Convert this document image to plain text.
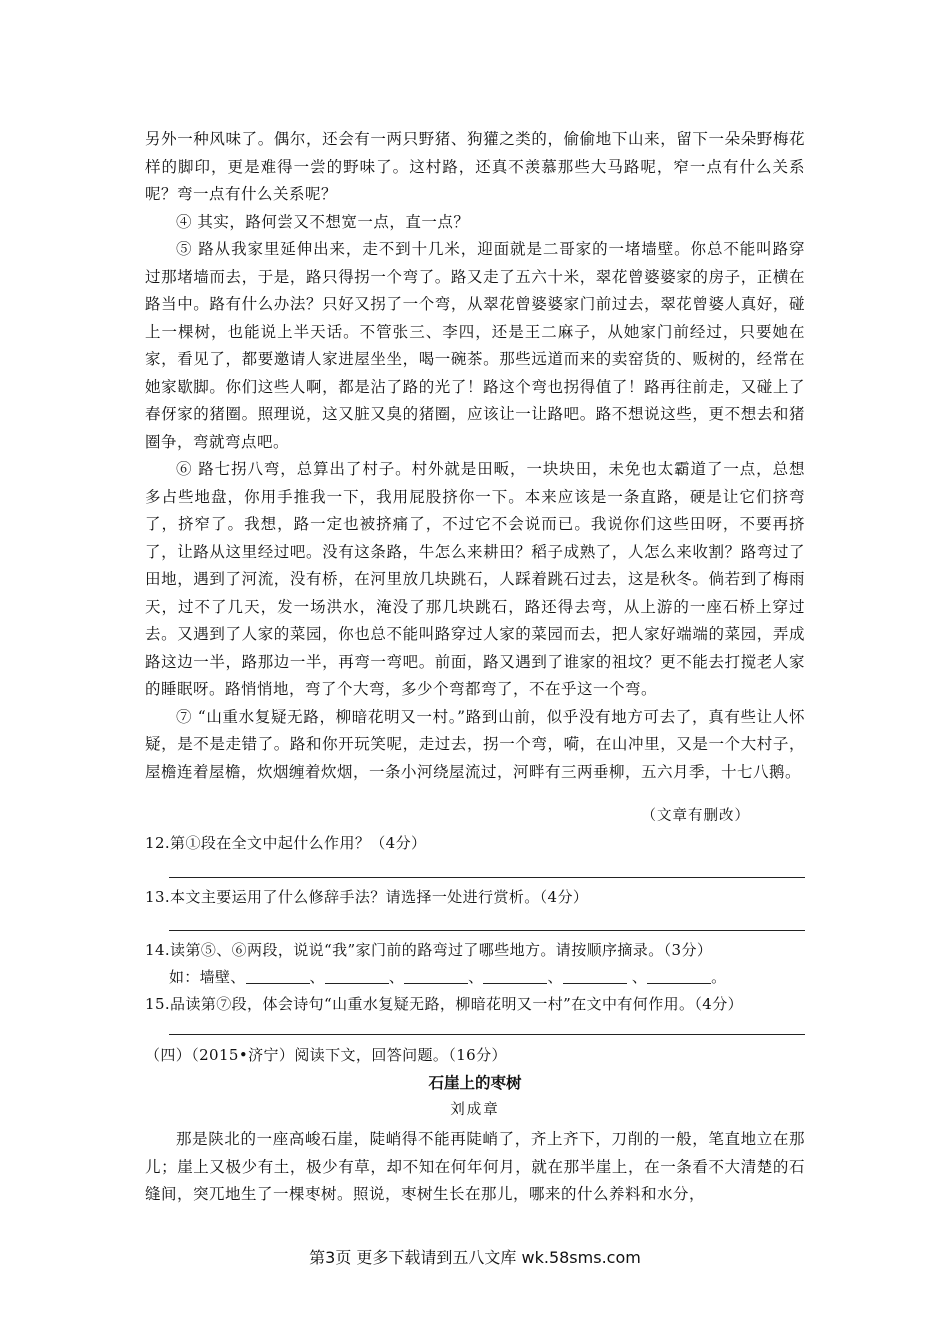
另外一种风味了。偶尔，还会有一两只野猪、狗獾之类的，偷偷地下山来，留下一朵朵野梅花样的脚印，更是难得一尝的野味了。这村路，还真不羡慕那些大马路呢，窄一点有什么关系呢？弯一点有什么关系呢？

④ 其实，路何尝又不想宽一点，直一点？

⑤ 路从我家里延伸出来，走不到十几米，迎面就是二哥家的一堵墙壁。你总不能叫路穿过那堵墙而去，于是，路只得拐一个弯了。路又走了五六十米，翠花曾婆婆家的房子，正横在路当中。路有什么办法？只好又拐了一个弯，从翠花曾婆婆家门前过去，翠花曾婆人真好，碰上一棵树，也能说上半天话。不管张三、李四，还是王二麻子，从她家门前经过，只要她在家，看见了，都要邀请人家进屋坐坐，喝一碗茶。那些远道而来的卖窑货的、贩树的，经常在她家歇脚。你们这些人啊，都是沾了路的光了！路这个弯也拐得值了！路再往前走，又碰上了春伢家的猪圈。照理说，这又脏又臭的猪圈，应该让一让路吧。路不想说这些，更不想去和猪圈争，弯就弯点吧。

⑥ 路七拐八弯，总算出了村子。村外就是田畈，一块块田，未免也太霸道了一点，总想多占些地盘，你用手推我一下，我用屁股挤你一下。本来应该是一条直路，硬是让它们挤弯了，挤窄了。我想，路一定也被挤痛了，不过它不会说而已。我说你们这些田呀，不要再挤了，让路从这里经过吧。没有这条路，牛怎么来耕田？稻子成熟了，人怎么来收割？路弯过了田地，遇到了河流，没有桥，在河里放几块跳石，人踩着跳石过去，这是秋冬。倘若到了梅雨天，过不了几天，发一场洪水，淹没了那几块跳石，路还得去弯，从上游的一座石桥上穿过去。又遇到了人家的菜园，你也总不能叫路穿过人家的菜园而去，把人家好端端的菜园，弄成路这边一半，路那边一半，再弯一弯吧。前面，路又遇到了谁家的祖坟？更不能去打搅老人家的睡眠呀。路悄悄地，弯了个大弯，多少个弯都弯了，不在乎这一个弯。

⑦ “山重水复疑无路，柳暗花明又一村。”路到山前，似乎没有地方可去了，真有些让人怀疑，是不是走错了。路和你开玩笑呢，走过去，拐一个弯，嗬，在山冲里，又是一个大村子，屋檐连着屋檐，炊烟缠着炊烟，一条小河绕屋流过，河畔有三两垂柳，五六月季，十七八鹅。

（文章有删改）
12.第①段在全文中起什么作用？（4分）
13.本文主要运用了什么修辞手法？请选择一处进行赏析。（4分）
14.读第⑤、⑥两段，说说“我”家门前的路弯过了哪些地方。请按顺序摘录。（3分）
如：墙壁、	、	、	、	、	、	。
15.品读第⑦段，体会诗句“山重水复疑无路，柳暗花明又一村”在文中有何作用。（4分）
（四）（2015•济宁）阅读下文，回答问题。（16分）
石崖上的枣树
刘成章

那是陕北的一座高峻石崖，陡峭得不能再陡峭了，齐上齐下，刀削的一般，笔直地立在那儿；崖上又极少有土，极少有草，却不知在何年何月，就在那半崖上，在一条看不大清楚的石缝间，突兀地生了一棵枣树。照说，枣树生长在那儿，哪来的什么养料和水分，

第3页 更多下载请到五八文库 wk.58sms.com
